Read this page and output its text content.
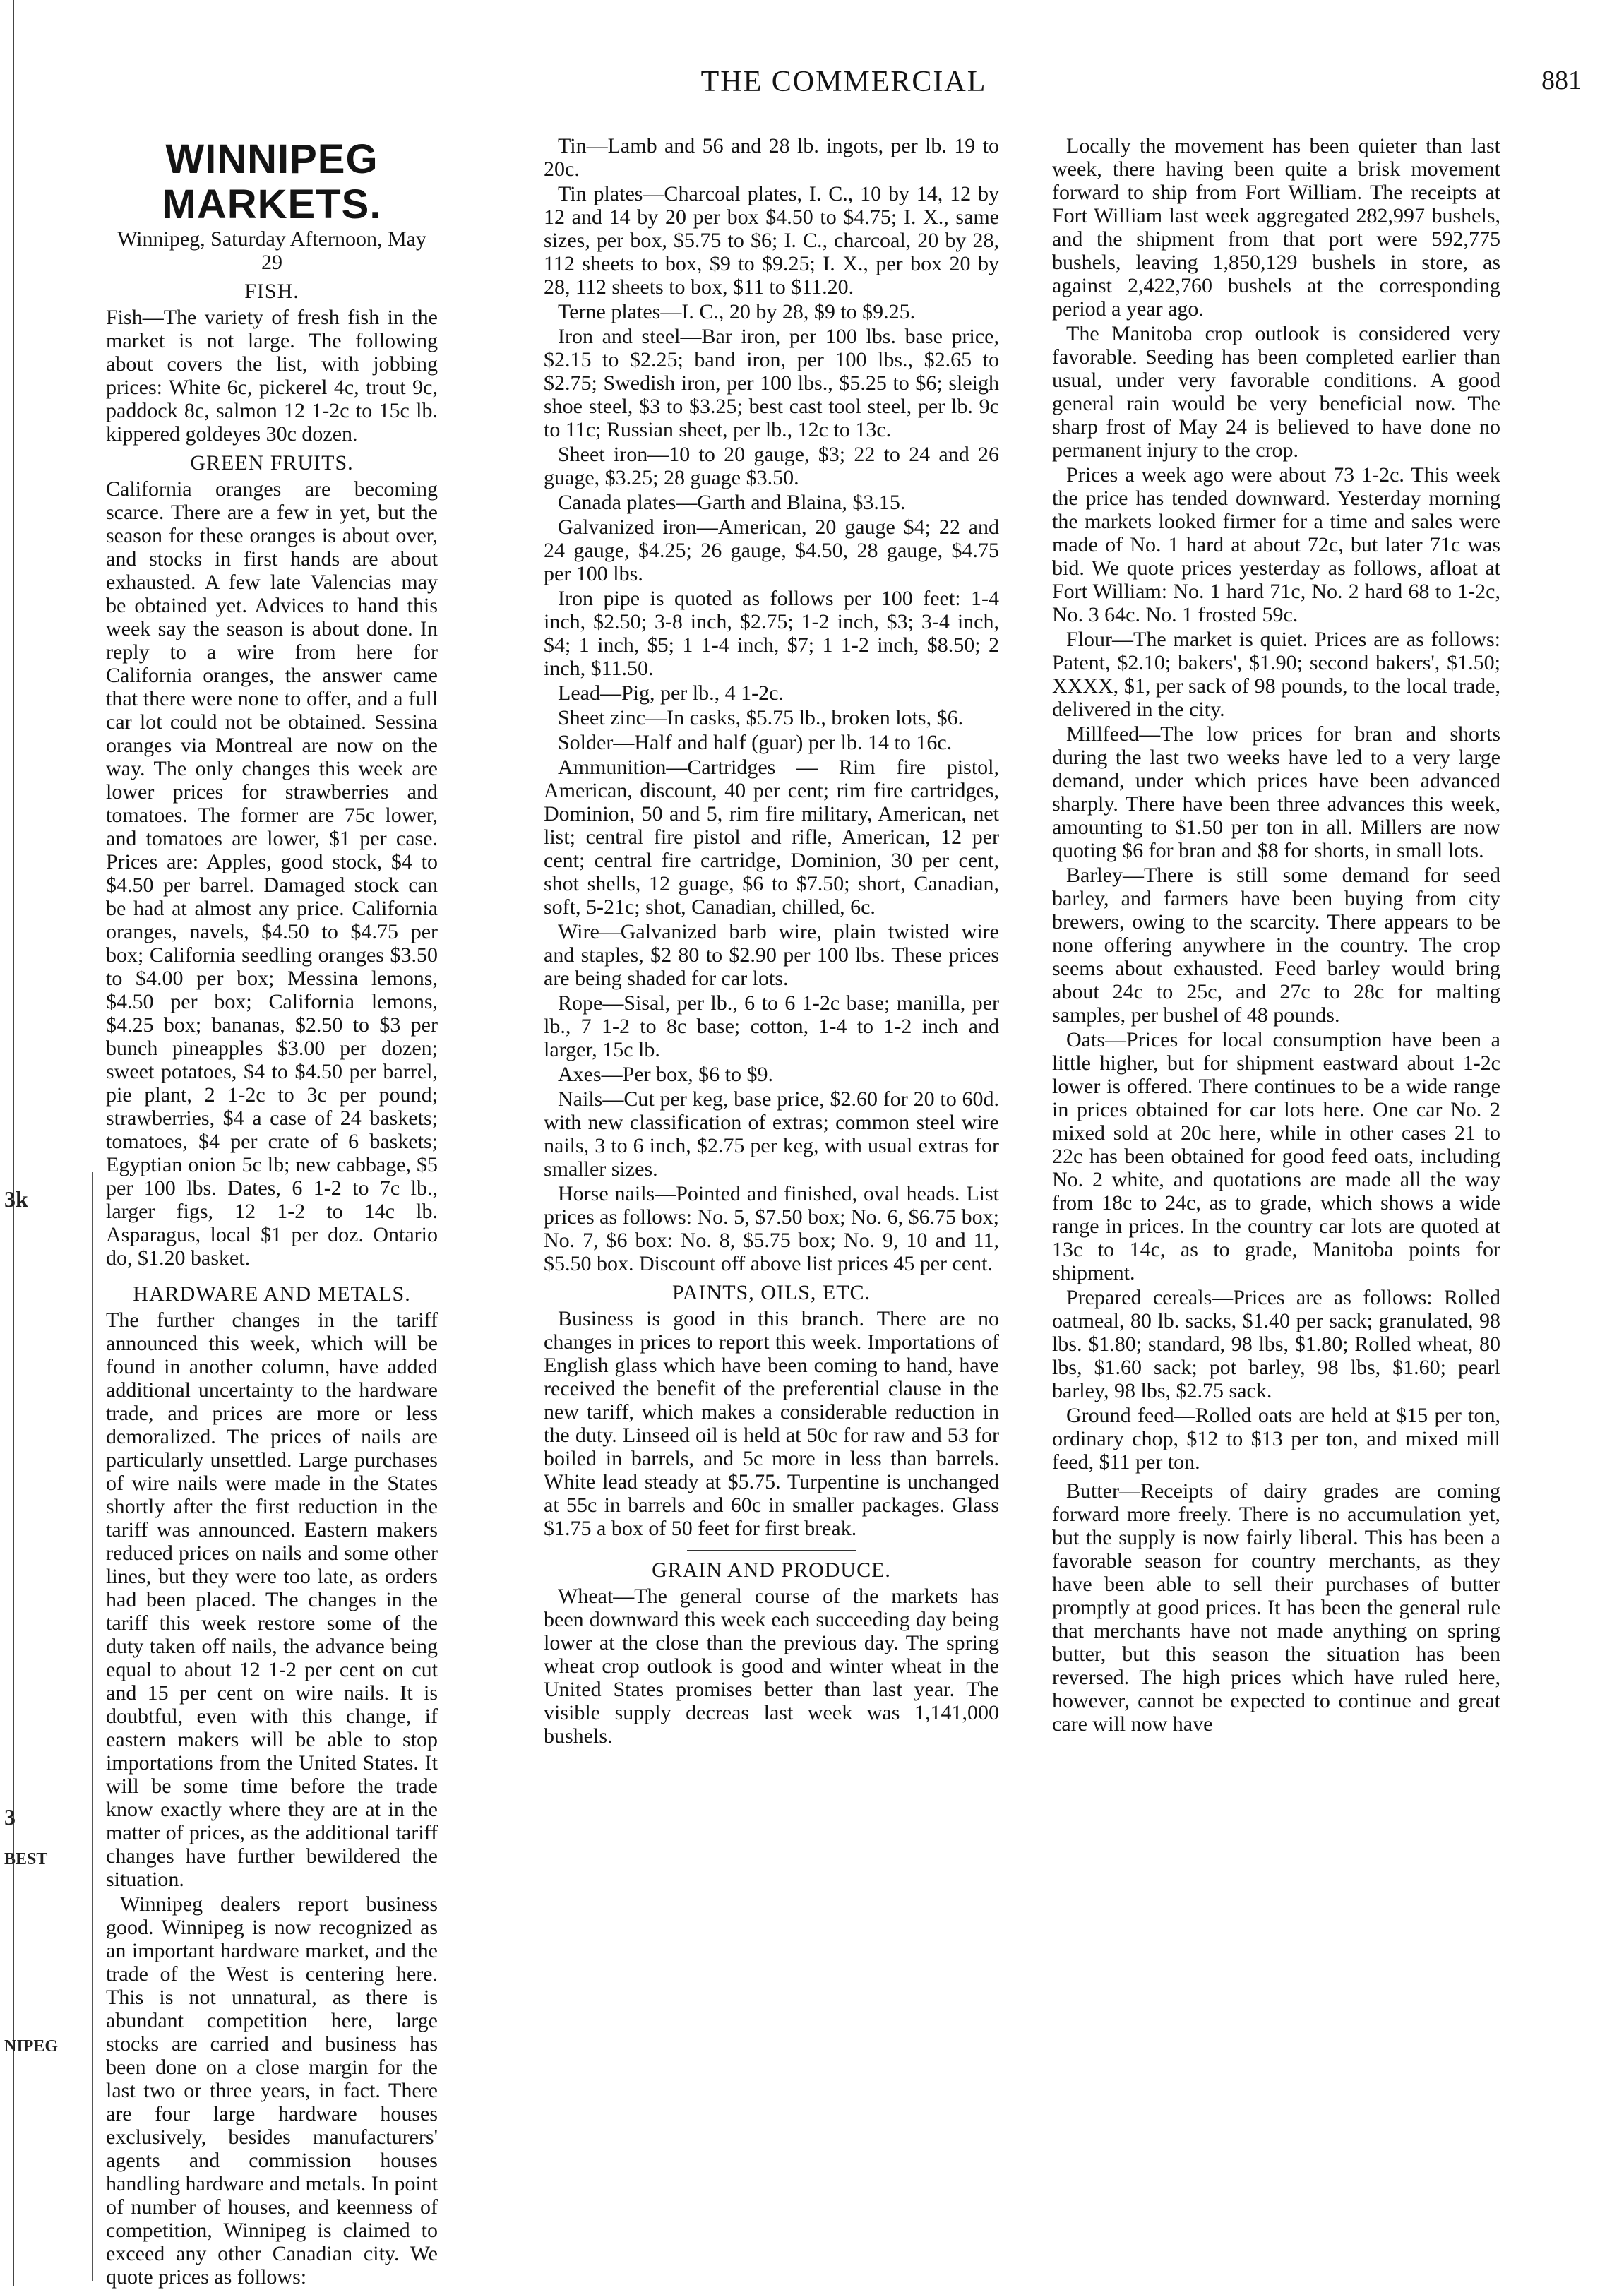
3k
3
BEST
NIPEG
THE COMMERCIAL	881
WINNIPEG MARKETS.
Winnipeg, Saturday Afternoon, May 29
FISH.

Fish—The variety of fresh fish in the market is not large. The following about covers the list, with jobbing prices: White 6c, pickerel 4c, trout 9c, paddock 8c, salmon 12 1-2c to 15c lb. kippered goldeyes 30c dozen.

GREEN FRUITS.

California oranges are becoming scarce. There are a few in yet, but the season for these oranges is about over, and stocks in first hands are about exhausted. A few late Valencias may be obtained yet. Advices to hand this week say the season is about done. In reply to a wire from here for California oranges, the answer came that there were none to offer, and a full car lot could not be obtained. Sessina oranges via Montreal are now on the way. The only changes this week are lower prices for strawberries and tomatoes. The former are 75c lower, and tomatoes are lower, $1 per case. Prices are: Apples, good stock, $4 to $4.50 per barrel. Damaged stock can be had at almost any price. California oranges, navels, $4.50 to $4.75 per box; California seedling oranges $3.50 to $4.00 per box; Messina lemons, $4.50 per box; California lemons, $4.25 box; bananas, $2.50 to $3 per bunch pineapples $3.00 per dozen; sweet potatoes, $4 to $4.50 per barrel, pie plant, 2 1-2c to 3c per pound; strawberries, $4 a case of 24 baskets; tomatoes, $4 per crate of 6 baskets; Egyptian onion 5c lb; new cabbage, $5 per 100 lbs. Dates, 6 1-2 to 7c lb., larger figs, 12 1-2 to 14c lb. Asparagus, local $1 per doz. Ontario do, $1.20 basket.

HARDWARE AND METALS.

The further changes in the tariff announced this week, which will be found in another column, have added additional uncertainty to the hardware trade, and prices are more or less demoralized. The prices of nails are particularly unsettled. Large purchases of wire nails were made in the States shortly after the first reduction in the tariff was announced. Eastern makers reduced prices on nails and some other lines, but they were too late, as orders had been placed. The changes in the tariff this week restore some of the duty taken off nails, the advance being equal to about 12 1-2 per cent on cut and 15 per cent on wire nails. It is doubtful, even with this change, if eastern makers will be able to stop importations from the United States. It will be some time before the trade know exactly where they are at in the matter of prices, as the additional tariff changes have further bewildered the situation.

Winnipeg dealers report business good. Winnipeg is now recognized as an important hardware market, and the trade of the West is centering here. This is not unnatural, as there is abundant competition here, large stocks are carried and business has been done on a close margin for the last two or three years, in fact. There are four large hardware houses exclusively, besides manufacturers' agents and commission houses handling hardware and metals. In point of number of houses, and keenness of competition, Winnipeg is claimed to exceed any other Canadian city. We quote prices as follows:

Tin—Lamb and 56 and 28 lb. ingots, per lb. 19 to 20c.

Tin plates—Charcoal plates, I. C., 10 by 14, 12 by 12 and 14 by 20 per box $4.50 to $4.75; I. X., same sizes, per box, $5.75 to $6; I. C., charcoal, 20 by 28, 112 sheets to box, $9 to $9.25; I. X., per box 20 by 28, 112 sheets to box, $11 to $11.20.

Terne plates—I. C., 20 by 28, $9 to $9.25.

Iron and steel—Bar iron, per 100 lbs. base price, $2.15 to $2.25; band iron, per 100 lbs., $2.65 to $2.75; Swedish iron, per 100 lbs., $5.25 to $6; sleigh shoe steel, $3 to $3.25; best cast tool steel, per lb. 9c to 11c; Russian sheet, per lb., 12c to 13c.

Sheet iron—10 to 20 gauge, $3; 22 to 24 and 26 guage, $3.25; 28 guage $3.50.

Canada plates—Garth and Blaina, $3.15.

Galvanized iron—American, 20 gauge $4; 22 and 24 gauge, $4.25; 26 gauge, $4.50, 28 gauge, $4.75 per 100 lbs.

Iron pipe is quoted as follows per 100 feet: 1-4 inch, $2.50; 3-8 inch, $2.75; 1-2 inch, $3; 3-4 inch, $4; 1 inch, $5; 1 1-4 inch, $7; 1 1-2 inch, $8.50; 2 inch, $11.50.

Lead—Pig, per lb., 4 1-2c.

Sheet zinc—In casks, $5.75 lb., broken lots, $6.

Solder—Half and half (guar) per lb. 14 to 16c.

Ammunition—Cartridges — Rim fire pistol, American, discount, 40 per cent; rim fire cartridges, Dominion, 50 and 5, rim fire military, American, net list; central fire pistol and rifle, American, 12 per cent; central fire cartridge, Dominion, 30 per cent, shot shells, 12 guage, $6 to $7.50; short, Canadian, soft, 5-21c; shot, Canadian, chilled, 6c.

Wire—Galvanized barb wire, plain twisted wire and staples, $2 80 to $2.90 per 100 lbs. These prices are being shaded for car lots.

Rope—Sisal, per lb., 6 to 6 1-2c base; manilla, per lb., 7 1-2 to 8c base; cotton, 1-4 to 1-2 inch and larger, 15c lb.

Axes—Per box, $6 to $9.

Nails—Cut per keg, base price, $2.60 for 20 to 60d. with new classification of extras; common steel wire nails, 3 to 6 inch, $2.75 per keg, with usual extras for smaller sizes.

Horse nails—Pointed and finished, oval heads. List prices as follows: No. 5, $7.50 box; No. 6, $6.75 box; No. 7, $6 box: No. 8, $5.75 box; No. 9, 10 and 11, $5.50 box. Discount off above list prices 45 per cent.

PAINTS, OILS, ETC.

Business is good in this branch. There are no changes in prices to report this week. Importations of English glass which have been coming to hand, have received the benefit of the preferential clause in the new tariff, which makes a considerable reduction in the duty. Linseed oil is held at 50c for raw and 53 for boiled in barrels, and 5c more in less than barrels. White lead steady at $5.75. Turpentine is unchanged at 55c in barrels and 60c in smaller packages. Glass $1.75 a box of 50 feet for first break.

GRAIN AND PRODUCE.

Wheat—The general course of the markets has been downward this week each succeeding day being lower at the close than the previous day. The spring wheat crop outlook is good and winter wheat in the United States promises better than last year. The visible supply decreas last week was 1,141,000 bushels.

Locally the movement has been quieter than last week, there having been quite a brisk movement forward to ship from Fort William. The receipts at Fort William last week aggregated 282,997 bushels, and the shipment from that port were 592,775 bushels, leaving 1,850,129 bushels in store, as against 2,422,760 bushels at the corresponding period a year ago.

The Manitoba crop outlook is considered very favorable. Seeding has been completed earlier than usual, under very favorable conditions. A good general rain would be very beneficial now. The sharp frost of May 24 is believed to have done no permanent injury to the crop.

Prices a week ago were about 73 1-2c. This week the price has tended downward. Yesterday morning the markets looked firmer for a time and sales were made of No. 1 hard at about 72c, but later 71c was bid. We quote prices yesterday as follows, afloat at Fort William: No. 1 hard 71c, No. 2 hard 68 to 1-2c, No. 3 64c. No. 1 frosted 59c.

Flour—The market is quiet. Prices are as follows: Patent, $2.10; bakers', $1.90; second bakers', $1.50; XXXX, $1, per sack of 98 pounds, to the local trade, delivered in the city.

Millfeed—The low prices for bran and shorts during the last two weeks have led to a very large demand, under which prices have been advanced sharply. There have been three advances this week, amounting to $1.50 per ton in all. Millers are now quoting $6 for bran and $8 for shorts, in small lots.

Barley—There is still some demand for seed barley, and farmers have been buying from city brewers, owing to the scarcity. There appears to be none offering anywhere in the country. The crop seems about exhausted. Feed barley would bring about 24c to 25c, and 27c to 28c for malting samples, per bushel of 48 pounds.

Oats—Prices for local consumption have been a little higher, but for shipment eastward about 1-2c lower is offered. There continues to be a wide range in prices obtained for car lots here. One car No. 2 mixed sold at 20c here, while in other cases 21 to 22c has been obtained for good feed oats, including No. 2 white, and quotations are made all the way from 18c to 24c, as to grade, which shows a wide range in prices. In the country car lots are quoted at 13c to 14c, as to grade, Manitoba points for shipment.

Prepared cereals—Prices are as follows: Rolled oatmeal, 80 lb. sacks, $1.40 per sack; granulated, 98 lbs. $1.80; standard, 98 lbs, $1.80; Rolled wheat, 80 lbs, $1.60 sack; pot barley, 98 lbs, $1.60; pearl barley, 98 lbs, $2.75 sack.

Ground feed—Rolled oats are held at $15 per ton, ordinary chop, $12 to $13 per ton, and mixed mill feed, $11 per ton.

Butter—Receipts of dairy grades are coming forward more freely. There is no accumulation yet, but the supply is now fairly liberal. This has been a favorable season for country merchants, as they have been able to sell their purchases of butter promptly at good prices. It has been the general rule that merchants have not made anything on spring butter, but this season the situation has been reversed. The high prices which have ruled here, however, cannot be expected to continue and great care will now have
